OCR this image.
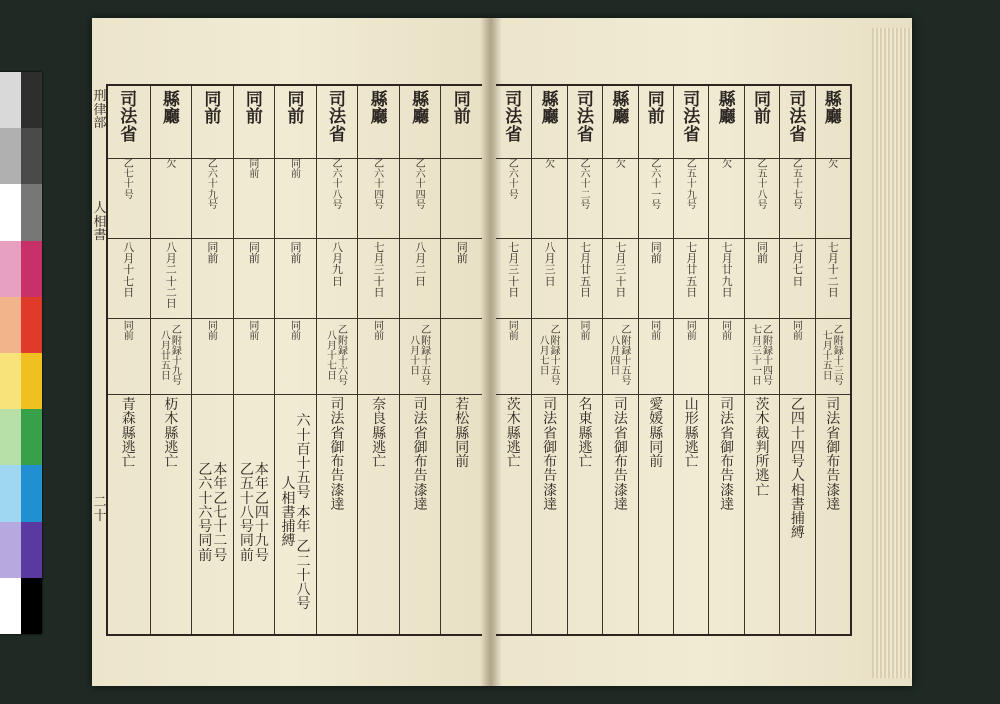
刑
律
部
人
相
書
二
十
司
法
省
乙
七
十
号
八
月
十
七
日
同
前
青
森
縣
逃
亡
縣
廳
欠
八
月
二
十
二
日
乙
附
録
十
九
号
八
月
廿
五
日
杤
木
縣
逃
亡
同
前
乙
六
十
九
号
同
前
同
前
本
年
乙
七
十
二
号
乙
六
十
六
号
同
前
同
前
同
前
同
前
同
前
本
年
乙
四
十
九
号
乙
五
十
八
号
同
前
同
前
同
前
同
前
同
前
六
十
百
十
五
号
本
年
乙
二
十
八
号
人
相
書
捕
縛
司
法
省
乙
六
十
八
号
八
月
九
日
乙
附
録
十
六
号
八
月
十
七
日
司
法
省
御
布
告
漆
達
縣
廳
乙
六
十
四
号
七
月
三
十
日
同
前
奈
良
縣
逃
亡
縣
廳
乙
六
十
四
号
八
月
二
日
乙
附
録
十
五
号
八
月
十
日
司
法
省
御
布
告
漆
達
同
前
同
前
若
松
縣
同
前
司
法
省
乙
六
十
号
七
月
三
十
日
同
前
茨
木
縣
逃
亡
縣
廳
欠
八
月
三
日
乙
附
録
十
五
号
八
月
七
日
司
法
省
御
布
告
漆
達
司
法
省
乙
六
十
二
号
七
月
廿
五
日
同
前
名
東
縣
逃
亡
縣
廳
欠
七
月
三
十
日
乙
附
録
十
五
号
八
月
四
日
司
法
省
御
布
告
漆
達
同
前
乙
六
十
一
号
同
前
同
前
愛
媛
縣
同
前
司
法
省
乙
五
十
九
号
七
月
廿
五
日
同
前
山
形
縣
逃
亡
縣
廳
欠
七
月
廿
九
日
同
前
司
法
省
御
布
告
漆
達
同
前
乙
五
十
八
号
同
前
乙
附
録
十
四
号
七
月
三
十
一
日
茨
木
裁
判
所
逃
亡
司
法
省
乙
五
十
七
号
七
月
七
日
同
前
乙
四
十
四
号
人
相
書
捕
縛
縣
廳
欠
七
月
十
二
日
乙
附
録
十
三
号
七
月
十
五
日
司
法
省
御
布
告
漆
達
